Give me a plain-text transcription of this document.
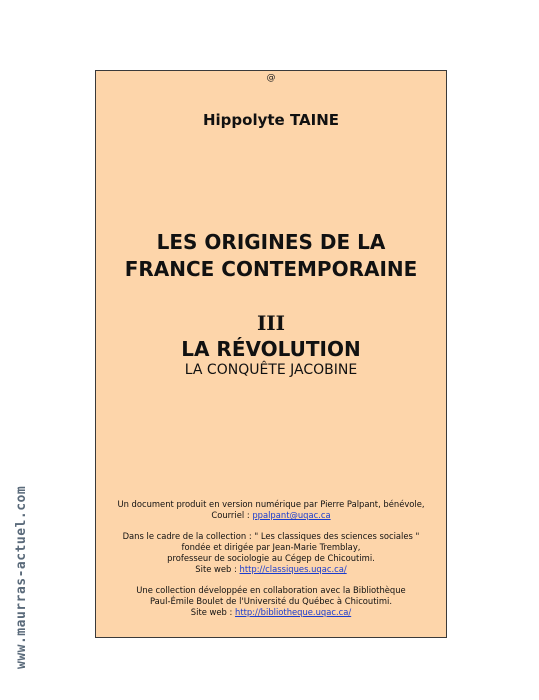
www.maurras-actuel.com
@
Hippolyte TAINE
LES ORIGINES DE LA
FRANCE CONTEMPORAINE
III
LA RÉVOLUTION
LA CONQUÊTE JACOBINE

Un document produit en version numérique par Pierre Palpant, bénévole,
Courriel : ppalpant@uqac.ca

Dans le cadre de la collection : " Les classiques des sciences sociales "
fondée et dirigée par Jean-Marie Tremblay,
professeur de sociologie au Cégep de Chicoutimi.
Site web : http://classiques.uqac.ca/

Une collection développée en collaboration avec la Bibliothèque
Paul-Émile Boulet de l'Université du Québec à Chicoutimi.
Site web : http://bibliotheque.uqac.ca/
